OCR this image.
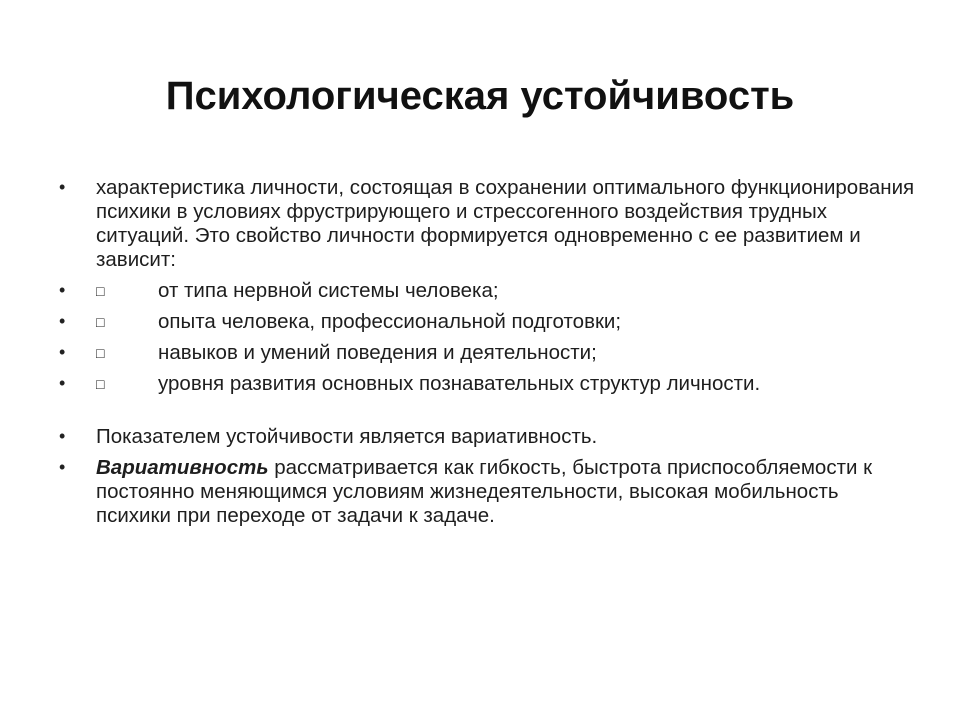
Психологическая устойчивость
• характеристика личности, состоящая в сохранении оптимального функционирования психики в условиях фрустрирующего и стрессогенного воздействия трудных ситуаций. Это свойство личности формируется одновременно с ее развитием и зависит:
• □	от типа нервной системы человека;
• □	опыта человека, профессиональной подготовки;
• □	навыков и умений поведения и деятельности;
• □	уровня развития основных познавательных структур личности.
• Показателем устойчивости является вариативность.
• Вариативность рассматривается как гибкость, быстрота приспособляемости к постоянно меняющимся условиям жизнедеятельности, высокая мобильность психики при переходе от задачи к задаче.
